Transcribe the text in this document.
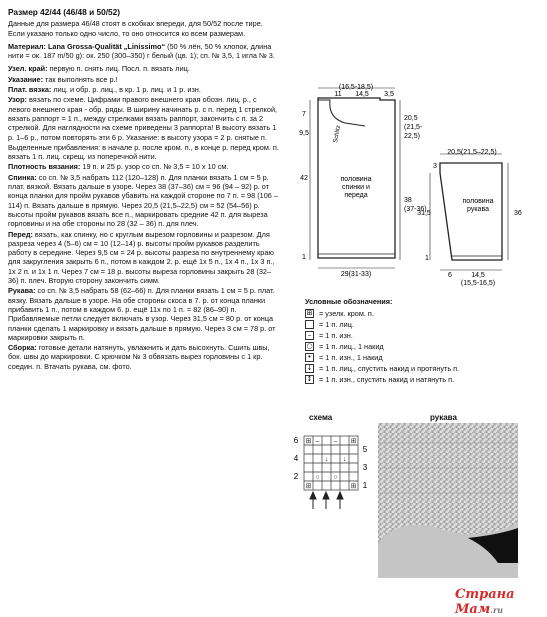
Размер 42/44 (46/48 и 50/52)

Данные для размера 46/48 стоят в скобках впереди, для 50/52 после тире. Если указано только одно число, то оно относится ко всем размерам.

Материал: Lana Grossa-Qualität „Linissimo“ (50 % лён, 50 % хлопок, длина нити = ок. 187 m/50 g): ок. 250 (300–350) г белый (цв. 1); сп. № 3,5, 1 игла № 3.

Узел. край: первую п. снять лиц. Посл. п. вязать лиц.

Указание: так выполнять все р.!

Плат. вязка: лиц. и обр. р. лиц., в кр. 1 р. лиц. и 1 р. изн.

Узор: вязать по схеме. Цифрами правого внешнего края обозн. лиц. р., с левого внешнего края - обр. ряды. В ширину начинать р. с п. перед 1 стрелкой, вязать раппорт = 1 п., между стрелками вязать раппорт, закончить с п. за 2 стрелкой. Для наглядности на схеме приведены 3 раппорта! В высоту вязать 1 р. 1–6 р., потом повторять эти 6 р. Указание: в высоту узора = 2 р. снятые п.

Выделенные прибавления: в начале р. после кром. п., в конце р. перед кром. п. вязать 1 п. лиц. скрещ. из поперечной нити.

Плотность вязания: 19 п. и 25 р. узор со сп. № 3,5 = 10 x 10 см.

Спинка: со сп. № 3,5 набрать 112 (120–128) п. Для планки вязать 1 см = 5 р. плат. вязкой. Вязать дальше в узоре. Через 38 (37–36) см = 96 (94 – 92) р. от конца планки для пройм рукавов убавить на каждой стороне по 7 п. = 98 (106 – 114) п. Вязать дальше в прямую. Через 20,5 (21,5–22,5) см = 52 (54–56) р. высоты пройм рукавов вязать все п., маркировать средние 42 п. для выреза горловины и на обе стороны по 28 (32 – 36) п. для плеч.

Перед: вязать, как спинку, но с круглым вырезом горловины и разрезом. Для разреза через 4 (5–6) см = 10 (12–14) р. высоты пройм рукавов разделить работу в середине. Через 9,5 см = 24 р. высоты разреза по внутреннему краю для закругления закрыть 6 п., потом в каждом 2. р. ещё 1x 5 п., 1x 4 п., 1x 3 п., 1x 2 п. и 1x 1 п. Через 7 см = 18 р. высоты выреза горловины закрыть 28 (32–36) п. плеч. Вторую сторону закончить симм.

Рукава: со сп. № 3,5 набрать 58 (62–66) п. Для планки вязать 1 см = 5 р. плат. вязку. Вязать дальше в узоре. На обе стороны скоса в 7. р. от конца планки прибавить 1 п., потом в каждом 6. р. ещё 11x по 1 п. = 82 (86–90) п. Прибавляемые петли следует включать в узор. Через 31,5 см = 80 р. от конца планки сделать 1 маркировку и вязать дальше в прямую. Через 3 см = 78 р. от маркировки закрыть п.

Сборка: готовые детали натянуть, увлажнить и дать высохнуть. Сшить швы, бок. швы до маркировки. С крючком № 3 обвязать вырез горловины с 1 кр. соедин. п. Втачать рукава, см. фото.

(16,5-18,5)
11 14,5 3,5
7
9,5
42
1
Schlitz
половина спинки и переда
38
(37-36)
20,5
(21,5-
22,5)
29(31-33)
20,5(21,5–22,5)
3
31,5	36
1
6	14,5
(15,5-16,5)
половина рукава
Условные обозначения:
⊞ = узелк. кром. п.
= 1 п. лиц.
–	= 1 п. изн.
○ = 1 п. лиц., 1 накид
•	= 1 п. изн., 1 накид
↓ = 1 п. лиц., спустить накид и протянуть п.
↕ = 1 п. изн., спустить накид и натянуть п.
схема	рукава
⊞	⊞
– –
↓ ↓
○ ○
⊞	⊞
6
4
2
5
3
1
Страна Мам.ru
